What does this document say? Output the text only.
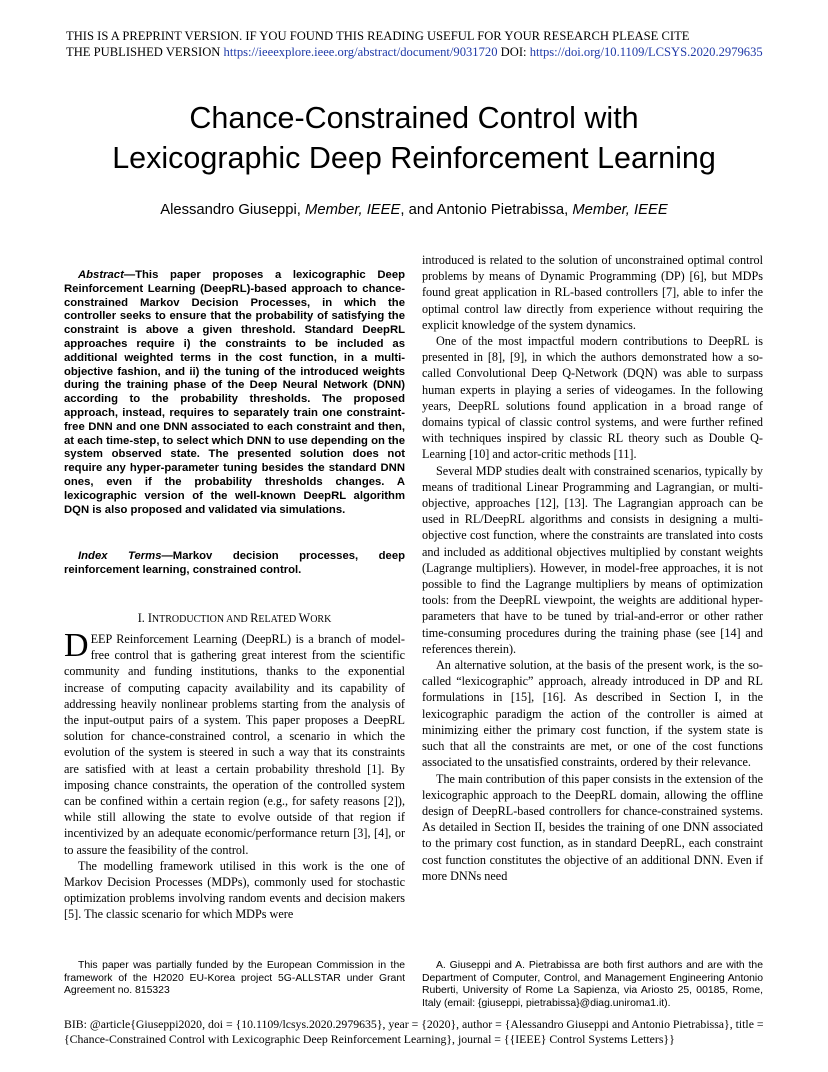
THIS IS A PREPRINT VERSION. IF YOU FOUND THIS READING USEFUL FOR YOUR RESEARCH PLEASE CITE
THE PUBLISHED VERSION https://ieeexplore.ieee.org/abstract/document/9031720 DOI: https://doi.org/10.1109/LCSYS.2020.2979635
Chance-Constrained Control with
Lexicographic Deep Reinforcement Learning
Alessandro Giuseppi, Member, IEEE, and Antonio Pietrabissa, Member, IEEE
Abstract—This paper proposes a lexicographic Deep Reinforcement Learning (DeepRL)-based approach to chance-constrained Markov Decision Processes, in which the controller seeks to ensure that the probability of satisfying the constraint is above a given threshold. Standard DeepRL approaches require i) the constraints to be included as additional weighted terms in the cost function, in a multi-objective fashion, and ii) the tuning of the introduced weights during the training phase of the Deep Neural Network (DNN) according to the probability thresholds. The proposed approach, instead, requires to separately train one constraint-free DNN and one DNN associated to each constraint and then, at each time-step, to select which DNN to use depending on the system observed state. The presented solution does not require any hyper-parameter tuning besides the standard DNN ones, even if the probability thresholds changes. A lexicographic version of the well-known DeepRL algorithm DQN is also proposed and validated via simulations.
Index Terms—Markov decision processes, deep reinforcement learning, constrained control.
I. INTRODUCTION AND RELATED WORK

DEEP Reinforcement Learning (DeepRL) is a branch of model-free control that is gathering great interest from the scientific community and funding institutions, thanks to the exponential increase of computing capacity availability and its capability of addressing heavily nonlinear problems starting from the analysis of the input-output pairs of a system. This paper proposes a DeepRL solution for chance-constrained control, a scenario in which the evolution of the system is steered in such a way that its constraints are satisfied with at least a certain probability threshold [1]. By imposing chance constraints, the operation of the controlled system can be confined within a certain region (e.g., for safety reasons [2]), while still allowing the state to evolve outside of that region if incentivized by an adequate economic/performance return [3], [4], or to assure the feasibility of the control.

The modelling framework utilised in this work is the one of Markov Decision Processes (MDPs), commonly used for stochastic optimization problems involving random events and decision makers [5]. The classic scenario for which MDPs were

introduced is related to the solution of unconstrained optimal control problems by means of Dynamic Programming (DP) [6], but MDPs found great application in RL-based controllers [7], able to infer the optimal control law directly from experience without requiring the explicit knowledge of the system dynamics.

One of the most impactful modern contributions to DeepRL is presented in [8], [9], in which the authors demonstrated how a so-called Convolutional Deep Q-Network (DQN) was able to surpass human experts in playing a series of videogames. In the following years, DeepRL solutions found application in a broad range of domains typical of classic control systems, and were further refined with techniques inspired by classic RL theory such as Double Q-Learning [10] and actor-critic methods [11].

Several MDP studies dealt with constrained scenarios, typically by means of traditional Linear Programming and Lagrangian, or multi-objective, approaches [12], [13]. The Lagrangian approach can be used in RL/DeepRL algorithms and consists in designing a multi-objective cost function, where the constraints are translated into costs and included as additional objectives multiplied by constant weights (Lagrange multipliers). However, in model-free approaches, it is not possible to find the Lagrange multipliers by means of optimization tools: from the DeepRL viewpoint, the weights are additional hyper-parameters that have to be tuned by trial-and-error or other rather time-consuming procedures during the training phase (see [14] and references therein).

An alternative solution, at the basis of the present work, is the so-called “lexicographic” approach, already introduced in DP and RL formulations in [15], [16]. As described in Section I, in the lexicographic paradigm the action of the controller is aimed at minimizing either the primary cost function, if the system state is such that all the constraints are met, or one of the cost functions associated to the unsatisfied constraints, ordered by their relevance.

The main contribution of this paper consists in the extension of the lexicographic approach to the DeepRL domain, allowing the offline design of DeepRL-based controllers for chance-constrained systems. As detailed in Section II, besides the training of one DNN associated to the primary cost function, as in standard DeepRL, each constraint cost function constitutes the objective of an additional DNN. Even if more DNNs need

This paper was partially funded by the European Commission in the framework of the H2020 EU-Korea project 5G-ALLSTAR under Grant Agreement no. 815323
A. Giuseppi and A. Pietrabissa are both first authors and are with the Department of Computer, Control, and Management Engineering Antonio Ruberti, University of Rome La Sapienza, via Ariosto 25, 00185, Rome, Italy (email: {giuseppi, pietrabissa}@diag.uniroma1.it).
BIB: @article{Giuseppi2020, doi = {10.1109/lcsys.2020.2979635}, year = {2020}, author = {Alessandro Giuseppi and Antonio Pietrabissa}, title = {Chance-Constrained Control with Lexicographic Deep Reinforcement Learning}, journal = {{IEEE} Control Systems Letters}}
